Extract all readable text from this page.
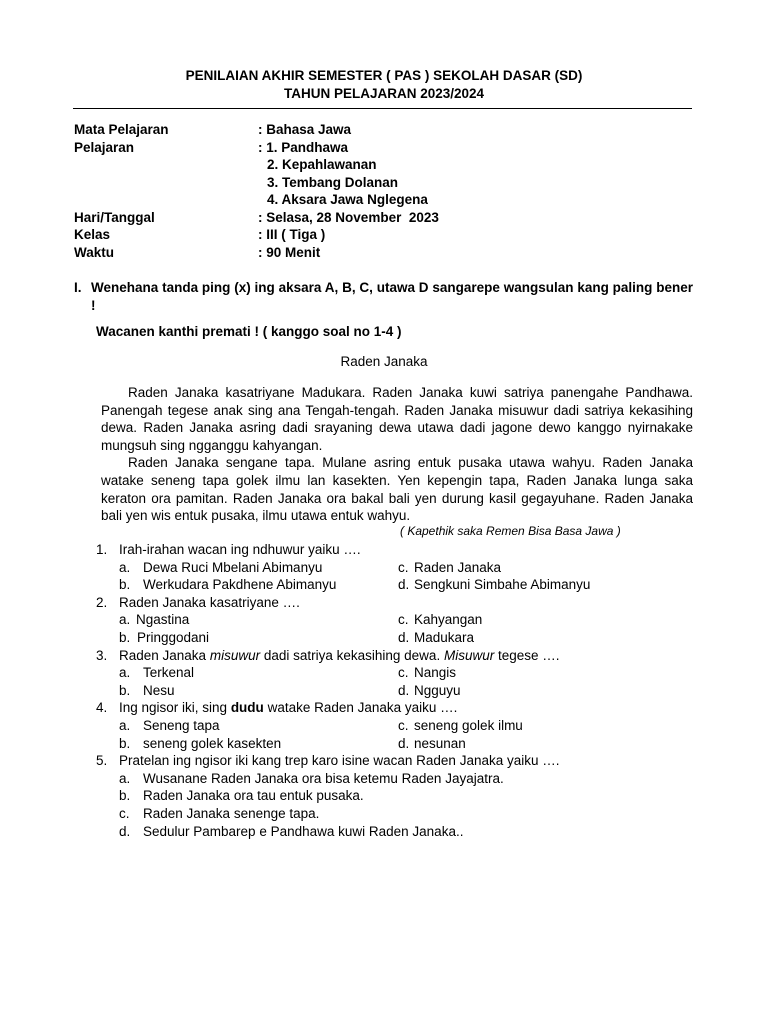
PENILAIAN AKHIR SEMESTER ( PAS ) SEKOLAH DASAR (SD)
TAHUN PELAJARAN 2023/2024
Mata Pelajaran	: Bahasa Jawa
Pelajaran	: 1. Pandhawa
2. Kepahlawanan
3. Tembang Dolanan
4. Aksara Jawa Nglegena
Hari/Tanggal	: Selasa, 28 November  2023
Kelas	: III ( Tiga )
Waktu	: 90 Menit
I. Wenehana tanda ping (x) ing aksara A, B, C, utawa D sangarepe wangsulan kang paling bener !
Wacanen kanthi premati ! ( kanggo soal no 1-4 )
Raden Janaka

Raden Janaka kasatriyane Madukara. Raden Janaka kuwi satriya panengahe Pandhawa. Panengah tegese anak sing ana Tengah-tengah. Raden Janaka misuwur dadi satriya kekasihing dewa. Raden Janaka asring dadi srayaning dewa utawa dadi jagone dewo kanggo nyirnakake mungsuh sing ngganggu kahyangan.

Raden Janaka sengane tapa. Mulane asring entuk pusaka utawa wahyu. Raden Janaka watake seneng tapa golek ilmu lan kasekten. Yen kepengin tapa, Raden Janaka lunga saka keraton ora pamitan. Raden Janaka ora bakal bali yen durung kasil gegayuhane. Raden Janaka bali yen wis entuk pusaka, ilmu utawa entuk wahyu.

( Kapethik saka Remen Bisa Basa Jawa )
1. Irah-irahan wacan ing ndhuwur yaiku ….
a. Dewa Ruci Mbelani Abimanyu	c. Raden Janaka
b. Werkudara Pakdhene Abimanyu	d. Sengkuni Simbahe Abimanyu
2. Raden Janaka kasatriyane ….
a. Ngastina	c. Kahyangan
b. Pringgodani	d. Madukara
3. Raden Janaka misuwur dadi satriya kekasihing dewa. Misuwur tegese ….
a. Terkenal	c. Nangis
b. Nesu	d. Ngguyu
4. Ing ngisor iki, sing dudu watake Raden Janaka yaiku ….
a. Seneng tapa	c. seneng golek ilmu
b. seneng golek kasekten	d. nesunan
5. Pratelan ing ngisor iki kang trep karo isine wacan Raden Janaka yaiku ….
a. Wusanane Raden Janaka ora bisa ketemu Raden Jayajatra.
b. Raden Janaka ora tau entuk pusaka.
c. Raden Janaka senenge tapa.
d. Sedulur Pambarep e Pandhawa kuwi Raden Janaka..
